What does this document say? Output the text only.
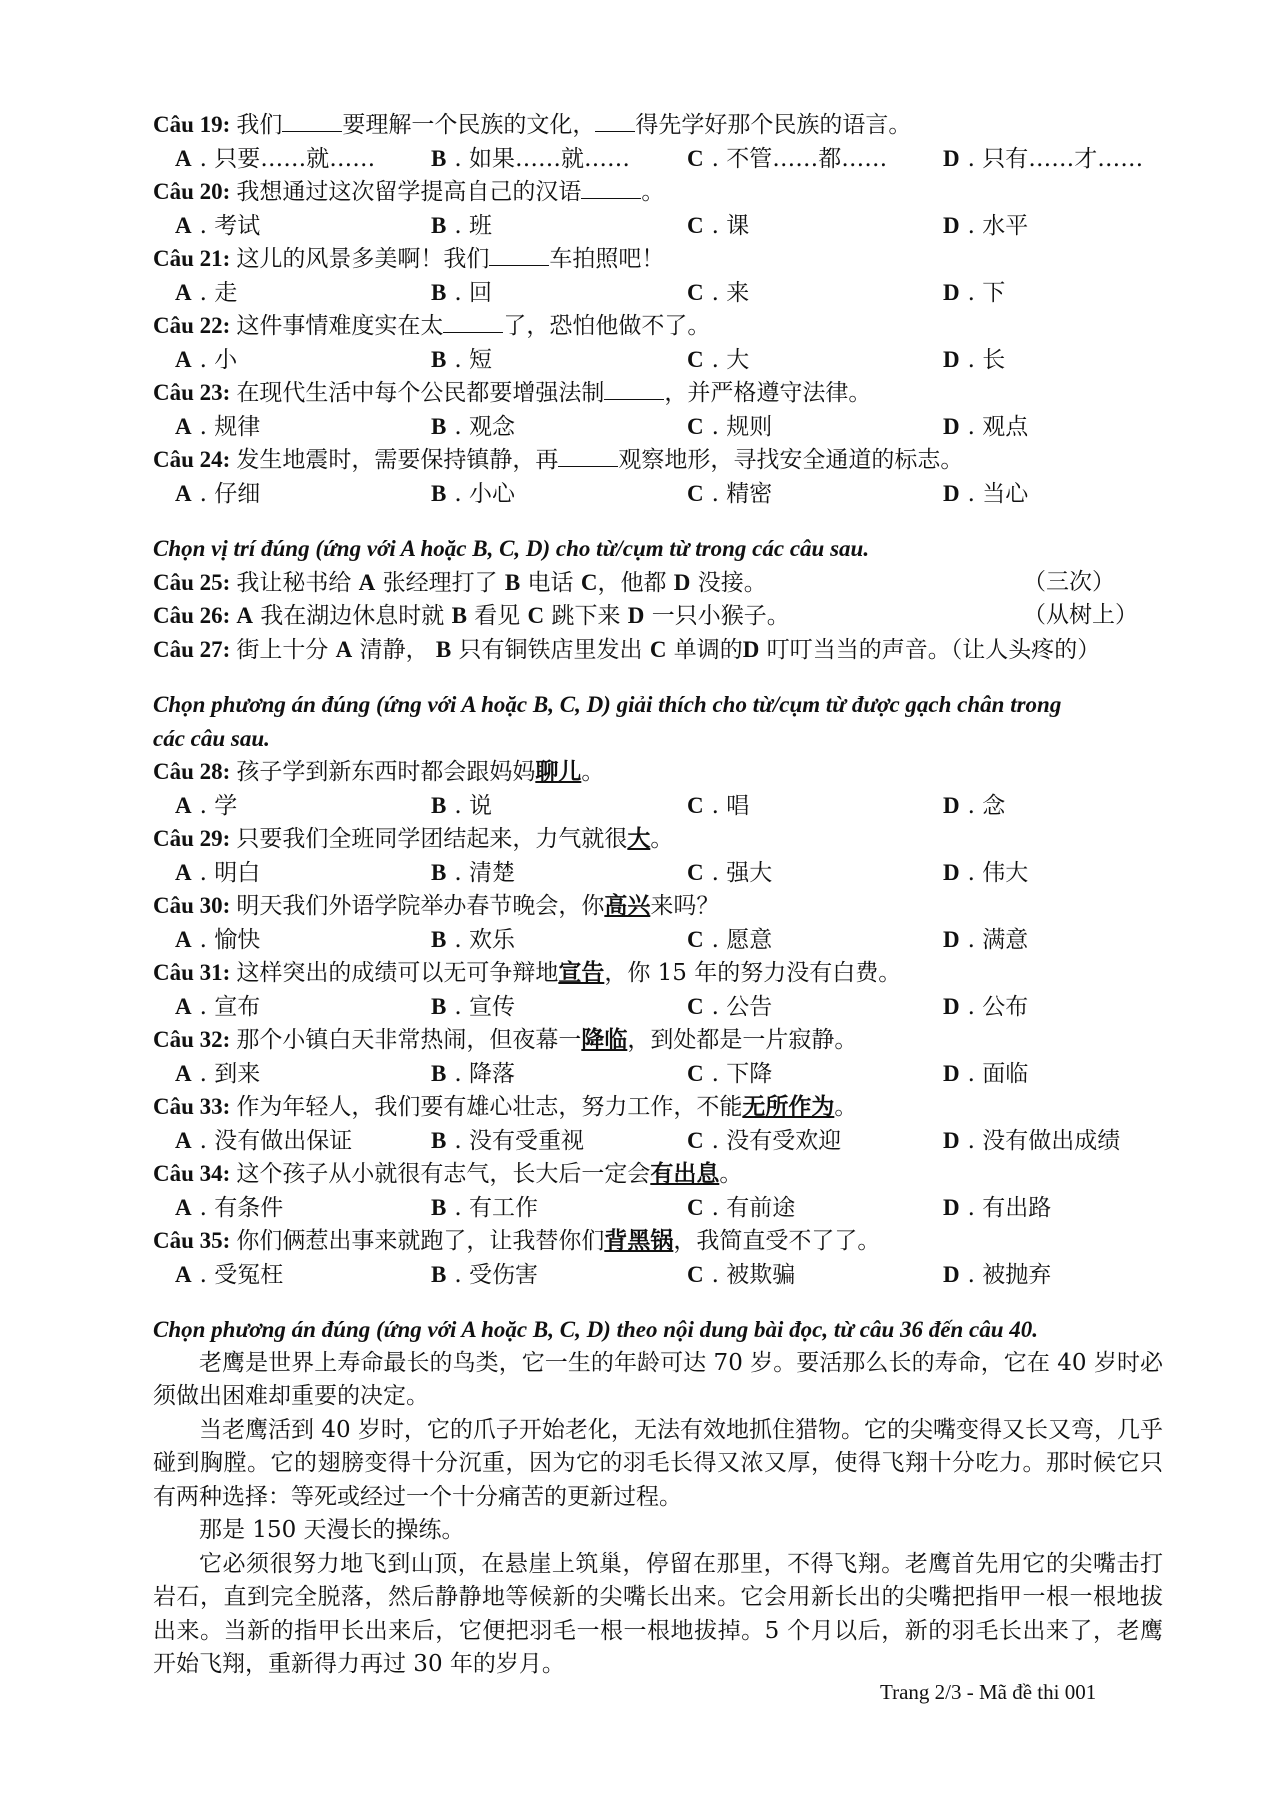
Câu 19: 我们	要理解一个民族的文化， 得先学好那个民族的语言。
A . 只要……就……	B . 如果……就……	C . 不管……都……	D . 只有……才……
Câu 20: 我想通过这次留学提高自己的汉语	。
A . 考试	B . 班	C . 课	D . 水平
Câu 21: 这儿的风景多美啊！我们	车拍照吧！
A . 走	B . 回	C . 来	D . 下
Câu 22: 这件事情难度实在太	了，恐怕他做不了。
A . 小	B . 短	C . 大	D . 长
Câu 23: 在现代生活中每个公民都要增强法制	，并严格遵守法律。
A . 规律	B . 观念	C . 规则	D . 观点
Câu 24: 发生地震时，需要保持镇静，再	观察地形，寻找安全通道的标志。
A . 仔细	B . 小心	C . 精密	D . 当心
Chọn vị trí đúng (ứng với A hoặc B, C, D) cho từ/cụm từ trong các câu sau.
Câu 25: 我让秘书给 A 张经理打了 B 电话 C，他都 D 没接。	（三次）
Câu 26: A 我在湖边休息时就 B 看见 C 跳下来 D 一只小猴子。	（从树上）
Câu 27: 街上十分 A 清静， B 只有铜铁店里发出 C 单调的D 叮叮当当的声音。（让人头疼的）
Chọn phương án đúng (ứng với A hoặc B, C, D) giải thích cho từ/cụm từ được gạch chân trong
các câu sau.
Câu 28: 孩子学到新东西时都会跟妈妈聊儿。
A . 学	B . 说	C . 唱	D . 念
Câu 29: 只要我们全班同学团结起来，力气就很大。
A . 明白	B . 清楚	C . 强大	D . 伟大
Câu 30: 明天我们外语学院举办春节晚会，你高兴来吗？
A . 愉快	B . 欢乐	C . 愿意	D . 满意
Câu 31: 这样突出的成绩可以无可争辩地宣告，你 15 年的努力没有白费。
A . 宣布	B . 宣传	C . 公告	D . 公布
Câu 32: 那个小镇白天非常热闹，但夜幕一降临，到处都是一片寂静。
A . 到来	B . 降落	C . 下降	D . 面临
Câu 33: 作为年轻人，我们要有雄心壮志，努力工作，不能无所作为。
A . 没有做出保证	B . 没有受重视	C . 没有受欢迎	D . 没有做出成绩
Câu 34: 这个孩子从小就很有志气，长大后一定会有出息。
A . 有条件	B . 有工作	C . 有前途	D . 有出路
Câu 35: 你们俩惹出事来就跑了，让我替你们背黑锅，我简直受不了了。
A . 受冤枉	B . 受伤害	C . 被欺骗	D . 被抛弃
Chọn phương án đúng (ứng với A hoặc B, C, D) theo nội dung bài đọc, từ câu 36 đến câu 40.

老鹰是世界上寿命最长的鸟类，它一生的年龄可达 70 岁。要活那么长的寿命，它在 40 岁时必须做出困难却重要的决定。

当老鹰活到 40 岁时，它的爪子开始老化，无法有效地抓住猎物。它的尖嘴变得又长又弯，几乎碰到胸膛。它的翅膀变得十分沉重，因为它的羽毛长得又浓又厚，使得飞翔十分吃力。那时候它只有两种选择：等死或经过一个十分痛苦的更新过程。

那是 150 天漫长的操练。

它必须很努力地飞到山顶，在悬崖上筑巢，停留在那里，不得飞翔。老鹰首先用它的尖嘴击打岩石，直到完全脱落，然后静静地等候新的尖嘴长出来。它会用新长出的尖嘴把指甲一根一根地拔出来。当新的指甲长出来后，它便把羽毛一根一根地拔掉。5 个月以后，新的羽毛长出来了，老鹰开始飞翔，重新得力再过 30 年的岁月。

Trang 2/3 - Mã đề thi 001
